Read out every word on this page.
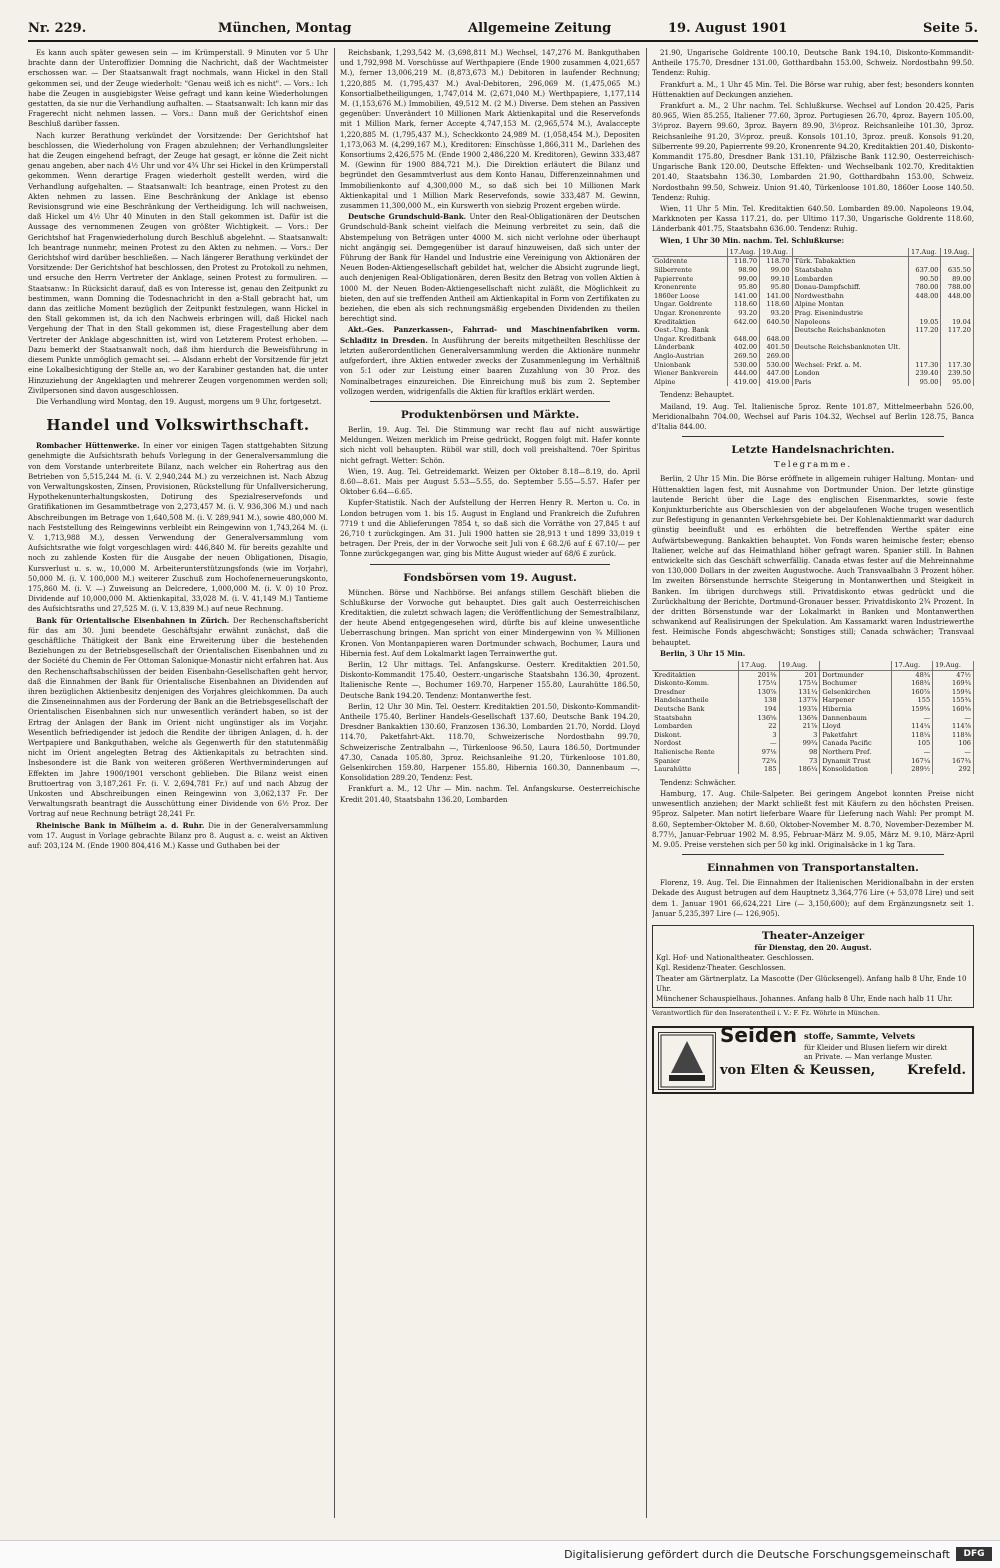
Nr. 229.	München, Montag	Allgemeine Zeitung	19. August 1901	Seite 5.

Es kann auch später gewesen sein — im Krümperstall. 9 Minuten vor 5 Uhr brachte dann der Unteroffizier Domning die Nachricht, daß der Wachtmeister erschossen war. — Der Staatsanwalt fragt nochmals, wann Hickel in den Stall gekommen sei, und der Zeuge wiederholt: "Genau weiß ich es nicht". — Vors.: Ich habe die Zeugen in ausgiebigster Weise gefragt und kann keine Wiederholungen gestatten, da sie nur die Verhandlung aufhalten. — Staatsanwalt: Ich kann mir das Fragerecht nicht nehmen lassen. — Vors.: Dann muß der Gerichtshof einen Beschluß darüber fassen.

Nach kurzer Berathung verkündet der Vorsitzende: Der Gerichtshof hat beschlossen, die Wiederholung von Fragen abzulehnen; der Verhandlungsleiter hat die Zeugen eingehend befragt, der Zeuge hat gesagt, er könne die Zeit nicht genau angeben, aber nach 4½ Uhr und vor 4¾ Uhr sei Hickel in den Krümperstall gekommen. Wenn derartige Fragen wiederholt gestellt werden, wird die Verhandlung aufgehalten. — Staatsanwalt: Ich beantrage, einen Protest zu den Akten nehmen zu lassen. Eine Beschränkung der Anklage ist ebenso Revisionsgrund wie eine Beschränkung der Vertheidigung. Ich will nachweisen, daß Hickel um 4½ Uhr 40 Minuten in den Stall gekommen ist. Dafür ist die Aussage des vernommenen Zeugen von größter Wichtigkeit. — Vors.: Der Gerichtshof hat Fragenwiederholung durch Beschluß abgelehnt. — Staatsanwalt: Ich beantrage nunmehr, meinen Protest zu den Akten zu nehmen. — Vors.: Der Gerichtshof wird darüber beschließen. — Nach längerer Berathung verkündet der Vorsitzende: Der Gerichtshof hat beschlossen, den Protest zu Protokoll zu nehmen, und ersuche den Herrn Vertreter der Anklage, seinen Protest zu formuliren. — Staatsanw.: In Rücksicht darauf, daß es von Interesse ist, genau den Zeitpunkt zu bestimmen, wann Domning die Todesnachricht in den a-Stall gebracht hat, um dann das zeitliche Moment bezüglich der Zeitpunkt festzulegen, wann Hickel in den Stall gekommen ist, da ich den Nachweis erbringen will, daß Hickel nach Vergehung der That in den Stall gekommen ist, diese Fragestellung aber dem Vertreter der Anklage abgeschnitten ist, wird von Letzterem Protest erhoben. — Dazu bemerkt der Staatsanwalt noch, daß ihm hierdurch die Beweisführung in diesem Punkte unmöglich gemacht sei. — Alsdann erhebt der Vorsitzende für jetzt eine Lokalbesichtigung der Stelle an, wo der Karabiner gestanden hat, die unter Hinzuziehung der Angeklagten und mehrerer Zeugen vorgenommen werden soll; Zivilpersonen sind davon ausgeschlossen.

Die Verhandlung wird Montag, den 19. August, morgens um 9 Uhr, fortgesetzt.

Handel und Volkswirthschaft.

Rombacher Hüttenwerke. In einer vor einigen Tagen stattgehabten Sitzung genehmigte die Aufsichtsrath behufs Vorlegung in der Generalversammlung die von dem Vorstande unterbreitete Bilanz, nach welcher ein Rohertrag aus den Betrieben von 5,515,244 M. (i. V. 2,940,244 M.) zu verzeichnen ist. Nach Abzug von Verwaltungskosten, Zinsen, Provisionen, Rückstellung für Unfallversicherung, Hypothekenunterhaltungskosten, Dotirung des Spezialreservefonds und Gratifikationen im Gesammtbetrage von 2,273,457 M. (i. V. 936,306 M.) und nach Abschreibungen im Betrage von 1,640,508 M. (i. V. 289,941 M.), sowie 480,000 M. nach Feststellung des Reingewinns verbleibt ein Reingewinn von 1,743,264 M. (i. V. 1,713,988 M.), dessen Verwendung der Generalversammlung vom Aufsichtsrathe wie folgt vorgeschlagen wird: 446,840 M. für bereits gezahlte und noch zu zahlende Kosten für die Ausgabe der neuen Obligationen, Disagio, Kursverlust u. s. w., 10,000 M. Arbeiterunterstützungsfonds (wie im Vorjahr), 50,000 M. (i. V. 100,000 M.) weiterer Zuschuß zum Hochofenerneuerungskonto, 175,860 M. (i. V. —) Zuweisung an Delcredere, 1,000,000 M. (i. V. 0) 10 Proz. Dividende auf 10,000,000 M. Aktienkapital, 33,028 M. (i. V. 41,149 M.) Tantieme des Aufsichtsraths und 27,525 M. (i. V. 13,839 M.) auf neue Rechnung.

Bank für Orientalische Eisenbahnen in Zürich. Der Rechenschaftsbericht für das am 30. Juni beendete Geschäftsjahr erwähnt zunächst, daß die geschäftliche Thätigkeit der Bank eine Erweiterung über die bestehenden Beziehungen zu der Betriebsgesellschaft der Orientalischen Eisenbahnen und zu der Société du Chemin de Fer Ottoman Salonique-Monastir nicht erfahren hat. Aus den Rechenschaftsabschlüssen der beiden Eisenbahn-Gesellschaften geht hervor, daß die Einnahmen der Bank für Orientalische Eisenbahnen an Dividenden auf ihren bezüglichen Aktienbesitz denjenigen des Vorjahres gleichkommen. Da auch die Zinseneinnahmen aus der Forderung der Bank an die Betriebsgesellschaft der Orientalischen Eisenbahnen sich nur unwesentlich verändert haben, so ist der Ertrag der Anlagen der Bank im Orient nicht ungünstiger als im Vorjahr. Wesentlich befriedigender ist jedoch die Rendite der übrigen Anlagen, d. h. der Wertpapiere und Bankguthaben, welche als Gegenwerth für den statutenmäßig nicht im Orient angelegten Betrag des Aktienkapitals zu betrachten sind. Insbesondere ist die Bank von weiteren größeren Werthverminderungen auf Effekten im Jahre 1900/1901 verschont geblieben. Die Bilanz weist einen Bruttoertrag von 3,187,261 Fr. (i. V. 2,694,781 Fr.) auf und nach Abzug der Unkosten und Abschreibungen einen Reingewinn von 3,062,137 Fr. Der Verwaltungsrath beantragt die Ausschüttung einer Dividende von 6½ Proz. Der Vortrag auf neue Rechnung beträgt 28,241 Fr.

Rheinische Bank in Mülheim a. d. Ruhr. Die in der Generalversammlung vom 17. August in Vorlage gebrachte Bilanz pro 8. August a. c. weist an Aktiven auf: 203,124 M. (Ende 1900 804,416 M.) Kasse und Guthaben bei der

Reichsbank, 1,293,542 M. (3,698,811 M.) Wechsel, 147,276 M. Bankguthaben und 1,792,998 M. Vorschüsse auf Werthpapiere (Ende 1900 zusammen 4,021,657 M.), ferner 13,006,219 M. (8,873,673 M.) Debitoren in laufender Rechnung; 1,220,885 M. (1,795,437 M.) Aval-Debitoren, 296,069 M. (1,475,065 M.) Konsortialbetheiligungen, 1,747,014 M. (2,671,040 M.) Werthpapiere, 1,177,114 M. (1,153,676 M.) Immobilien, 49,512 M. (2 M.) Diverse. Dem stehen an Passiven gegenüber: Unverändert 10 Millionen Mark Aktienkapital und die Reservefonds mit 1 Million Mark, ferner Accepte 4,747,153 M. (2,965,574 M.), Avalaccepte 1,220,885 M. (1,795,437 M.), Scheckkonto 24,989 M. (1,058,454 M.), Depositen 1,173,063 M. (4,299,167 M.), Kreditoren: Einschüsse 1,866,311 M., Darlehen des Konsortiums 2,426,575 M. (Ende 1900 2,486,220 M. Kreditoren), Gewinn 333,487 M. (Gewinn für 1900 884,721 M.). Die Direktion erläutert die Bilanz und begründet den Gesammtverlust aus dem Konto Hanau, Differenzeinnahmen und Immobilienkonto auf 4,300,000 M., so daß sich bei 10 Millionen Mark Aktienkapital und 1 Million Mark Reservefonds, sowie 333,487 M. Gewinn, zusammen 11,300,000 M., ein Kurswerth von siebzig Prozent ergeben würde.

Deutsche Grundschuld-Bank. Unter den Real-Obligationären der Deutschen Grundschuld-Bank scheint vielfach die Meinung verbreitet zu sein, daß die Abstempelung von Beträgen unter 4000 M. sich nicht verlohne oder überhaupt nicht angängig sei. Demgegenüber ist darauf hinzuweisen, daß sich unter der Führung der Bank für Handel und Industrie eine Vereinigung von Aktionären der Neuen Boden-Aktiengesellschaft gebildet hat, welcher die Absicht zugrunde liegt, auch denjenigen Real-Obligationären, deren Besitz den Betrag von vollen Aktien à 1000 M. der Neuen Boden-Aktiengesellschaft nicht zuläßt, die Möglichkeit zu bieten, den auf sie treffenden Antheil am Aktienkapital in Form von Zertifikaten zu beziehen, die eben als sich rechnungsmäßig ergebenden Dividenden zu theilen berechtigt sind.

Akt.-Ges. Panzerkassen-, Fahrrad- und Maschinenfabriken vorm. Schladitz in Dresden. In Ausführung der bereits mitgetheilten Beschlüsse der letzten außerordentlichen Generalversammlung werden die Aktionäre nunmehr aufgefordert, ihre Aktien entweder zwecks der Zusammenlegung im Verhältniß von 5:1 oder zur Leistung einer baaren Zuzahlung von 30 Proz. des Nominalbetrages einzureichen. Die Einreichung muß bis zum 2. September vollzogen werden, widrigenfalls die Aktien für kraftlos erklärt werden.

Produktenbörsen und Märkte.

Berlin, 19. Aug. Tel. Die Stimmung war recht flau auf nicht auswärtige Meldungen. Weizen merklich im Preise gedrückt, Roggen folgt mit. Hafer konnte sich nicht voll behaupten. Rüböl war still, doch voll preishaltend. 70er Spiritus nicht gefragt. Wetter: Schön.

Wien, 19. Aug. Tel. Getreidemarkt. Weizen per Oktober 8.18—8.19, do. April 8.60—8.61. Mais per August 5.53—5.55, do. September 5.55—5.57. Hafer per Oktober 6.64—6.65.

Kupfer-Statistik. Nach der Aufstellung der Herren Henry R. Merton u. Co. in London betrugen vom 1. bis 15. August in England und Frankreich die Zufuhren 7719 t und die Ablieferungen 7854 t, so daß sich die Vorräthe von 27,845 t auf 26,710 t zurückgingen. Am 31. Juli 1900 hatten sie 28,913 t und 1899 33,019 t betragen. Der Preis, der in der Vorwoche seit Juli von £ 68.2/6 auf £ 67.10/— per Tonne zurückgegangen war, ging bis Mitte August wieder auf 68/6 £ zurück.

Fondsbörsen vom 19. August.

München. Börse und Nachbörse. Bei anfangs stillem Geschäft blieben die Schlußkurse der Vorwoche gut behauptet. Dies galt auch Oesterreichischen Kreditaktien, die zuletzt schwach lagen; die Veröffentlichung der Semestralbilanz, der heute Abend entgegengesehen wird, dürfte bis auf kleine unwesentliche Ueberraschung bringen. Man spricht von einer Mindergewinn von ¾ Millionen Kronen. Von Montanpapieren waren Dortmunder schwach, Bochumer, Laura und Hibernia fest. Auf dem Lokalmarkt lagen Terrainwerthe gut.

Berlin, 12 Uhr mittags. Tel. Anfangskurse. Oesterr. Kreditaktien 201.50, Diskonto-Kommandit 175.40, Oesterr.-ungarische Staatsbahn 136.30, 4prozent. Italienische Rente —, Bochumer 169.70, Harpener 155.80, Laurahütte 186.50, Deutsche Bank 194.20. Tendenz: Montanwerthe fest.

Berlin, 12 Uhr 30 Min. Tel. Oesterr. Kreditaktien 201.50, Diskonto-Kommandit-Antheile 175.40, Berliner Handels-Gesellschaft 137.60, Deutsche Bank 194.20, Dresdner Bankaktien 130.60, Franzosen 136.30, Lombarden 21.70, Nordd. Lloyd 114.70, Paketfahrt-Akt. 118.70, Schweizerische Nordostbahn 99.70, Schweizerische Zentralbahn —, Türkenloose 96.50, Laura 186.50, Dortmunder 47.30, Canada 105.80, 3proz. Reichsanleihe 91.20, Türkenloose 101.80, Gelsenkirchen 159.80, Harpener 155.80, Hibernia 160.30, Dannenbaum —, Konsolidation 289.20, Tendenz: Fest.

Frankfurt a. M., 12 Uhr — Min. nachm. Tel. Anfangskurse. Oesterreichische Kredit 201.40, Staatsbahn 136.20, Lombarden

21.90, Ungarische Goldrente 100.10, Deutsche Bank 194.10, Diskonto-Kommandit-Antheile 175.70, Dresdner 131.00, Gotthardbahn 153.00, Schweiz. Nordostbahn 99.50. Tendenz: Ruhig.

Frankfurt a. M., 1 Uhr 45 Min. Tel. Die Börse war ruhig, aber fest; besonders konnten Hüttenaktien auf Deckungen anziehen.

Frankfurt a. M., 2 Uhr nachm. Tel. Schlußkurse. Wechsel auf London 20.425, Paris 80.965, Wien 85.255, Italiener 77.60, 3proz. Portugiesen 26.70, 4proz. Bayern 105.00, 3½proz. Bayern 99.60, 3proz. Bayern 89.90, 3½proz. Reichsanleihe 101.30, 3proz. Reichsanleihe 91.20, 3½proz. preuß. Konsols 101.10, 3proz. preuß. Konsols 91.20, Silberrente 99.20, Papierrente 99.20, Kronenrente 94.20, Kreditaktien 201.40, Diskonto-Kommandit 175.80, Dresdner Bank 131.10, Pfälzische Bank 112.90, Oesterreichisch-Ungarische Bank 120.00, Deutsche Effekten- und Wechselbank 102.70, Kreditaktien 201.40, Staatsbahn 136.30, Lombarden 21.90, Gotthardbahn 153.00, Schweiz. Nordostbahn 99.50, Schweiz. Union 91.40, Türkenloose 101.80, 1860er Loose 140.50. Tendenz: Ruhig.

Wien, 11 Uhr 5 Min. Tel. Kreditaktien 640.50. Lombarden 89.00. Napoleons 19.04, Markknoten per Kassa 117.21, do. per Ultimo 117.30, Ungarische Goldrente 118.60, Länderbank 401.75, Staatsbahn 636.00. Tendenz: Ruhig.

Wien, 1 Uhr 30 Min. nachm. Tel. Schlußkurse:

	17.Aug.	19.Aug.		17.Aug.	19.Aug.
Goldrente	118.70	118.70	Türk. Tabakaktien		
Silberrente	98.90	99.00	Staatsbahn	637.00	635.50
Papierrente	99.00	99.10	Lombarden	90.50	89.00
Kronenrente	95.80	95.80	Donau-Dampfschiff.	780.00	788.00
1860er Loose	141.00	141.00	Nordwestbahn	448.00	448.00
Ungar. Goldrente	118.60	118.60	Alpine Montan		
Ungar. Kronenrente	93.20	93.20	Prag. Eisenindustrie		
Kreditaktien	642.00	640.50	Napoleons	19.05	19.04
Oest.-Ung. Bank			Deutsche Reichsbanknoten	117.20	117.20
Ungar. Kreditbank	648.00	648.00			
Länderbank	402.00	401.50	Deutsche Reichsbanknoten Ult.		
Anglo-Austrian	269.50	269.00			
Unionbank	530.00	530.00	Wechsel: Frkf. a. M.	117.30	117.30
Wiener Bankverein	444.00	447.00	London	239.40	239.50
Alpine	419.00	419.00	Paris	95.00	95.00

Tendenz: Behauptet.

Mailand, 19. Aug. Tel. Italienische 5proz. Rente 101.87, Mittelmeerbahn 526.00, Meridionalbahn 704.00, Wechsel auf Paris 104.32, Wechsel auf Berlin 128.75, Banca d'Italia 844.00.

Letzte Handelsnachrichten.
Telegramme.

Berlin, 2 Uhr 15 Min. Die Börse eröffnete in allgemein ruhiger Haltung. Montan- und Hüttenaktien lagen fest, mit Ausnahme von Dortmunder Union. Der letzte günstige lautende Bericht über die Lage des englischen Eisenmarktes, sowie feste Konjunkturberichte aus Oberschlesien von der abgelaufenen Woche trugen wesentlich zur Befestigung in genannten Verkehrsgebiete bei. Der Kohlenaktienmarkt war dadurch günstig beeinflußt und es erhöhten die betreffenden Werthe später eine Aufwärtsbewegung. Bankaktien behauptet. Von Fonds waren heimische fester; ebenso Italiener, welche auf das Heimathland höher gefragt waren. Spanier still. In Bahnen entwickelte sich das Geschäft schwerfällig. Canada etwas fester auf die Mehreinnahme von 130,000 Dollars in der zweiten Augustwoche. Auch Transvaalbahn 3 Prozent höher. Im zweiten Börsenstunde herrschte Steigerung in Montanwerthen und Steigkeit in Banken. Im übrigen durchwegs still. Privatdiskonto etwas gedrückt und die Zurückhaltung der Berichte, Dortmund-Gronauer besser. Privatdiskonto 2¾ Prozent. In der dritten Börsenstunde war der Lokalmarkt in Banken und Montanwerthen schwankend auf Realisirungen der Spekulation. Am Kassamarkt waren Industriewerthe fest. Heimische Fonds abgeschwächt; Sonstiges still; Canada schwächer; Transvaal behauptet.

Berlin, 3 Uhr 15 Min.

	17.Aug.	19.Aug.		17.Aug.	19.Aug.
Kreditaktien	201⅜	201	Dortmunder	48¾	47½
Diskonto-Komm.	175¼	175¼	Bochumer	168¾	169¾
Dresdner	130⅞	131¼	Gelsenkirchen	160⅞	159¾
Handelsantheile	138	137⅞	Harpener	155	155¾
Deutsche Bank	194	193⅞	Hibernia	159⅝	160⅝
Staatsbahn	136⅝	136⅜	Dannenbaum	—	—
Lombarden	22	21⅞	Lloyd	114¼	114⅞
Diskont.	3	3	Paketfahrt	118¼	118⅜
Nordost	—	99¾	Canada Pacific	105	106
Italienische Rente	97⅛	98	Northern Pref.	—	—
Spanier	72¾	73	Dynamit Trust	167¼	167¾
Laurahütte	185	186¼	Konsolidation	289½	292

Tendenz: Schwächer.

Hamburg, 17. Aug. Chile-Salpeter. Bei geringem Angebot konnten Preise nicht unwesentlich anziehen; der Markt schließt fest mit Käufern zu den höchsten Preisen. 95proz. Salpeter. Man notirt lieferbare Waare für Lieferung nach Wahl: Per prompt M. 8.60, September-Oktober M. 8.60, Oktober-November M. 8.70, November-Dezember M. 8.77½, Januar-Februar 1902 M. 8.95, Februar-März M. 9.05, März M. 9.10, März-April M. 9.05. Preise verstehen sich per 50 kg inkl. Originalsäcke in 1 kg Tara.

Einnahmen von Transportanstalten.

Florenz, 19. Aug. Tel. Die Einnahmen der Italienischen Meridionalbahn in der ersten Dekade des August betrugen auf dem Hauptnetz 3,364,776 Lire (+ 53,078 Lire) und seit dem 1. Januar 1901 66,624,221 Lire (— 3,150,600); auf dem Ergänzungsnetz seit 1. Januar 5,235,397 Lire (— 126,905).

Theater-Anzeiger
für Dienstag, den 20. August.
Kgl. Hof- und Nationaltheater. Geschlossen.
Kgl. Residenz-Theater. Geschlossen.
Theater am Gärtnerplatz. La Mascotte (Der Glücksengel). Anfang halb 8 Uhr, Ende 10 Uhr.
Münchener Schauspielhaus. Johannes. Anfang halb 8 Uhr, Ende nach halb 11 Uhr.

Verantwortlich für den Inseratentheil i. V.: F. Fz. Wöhrle in München.

Seiden stoffe, Sammte, Velvets
für Kleider und Blusen liefern wir direkt
an Private. — Man verlange Muster.
von Elten & Keussen, Krefeld.
Digitalisierung gefördert durch die Deutsche Forschungsgemeinschaft	DFG
